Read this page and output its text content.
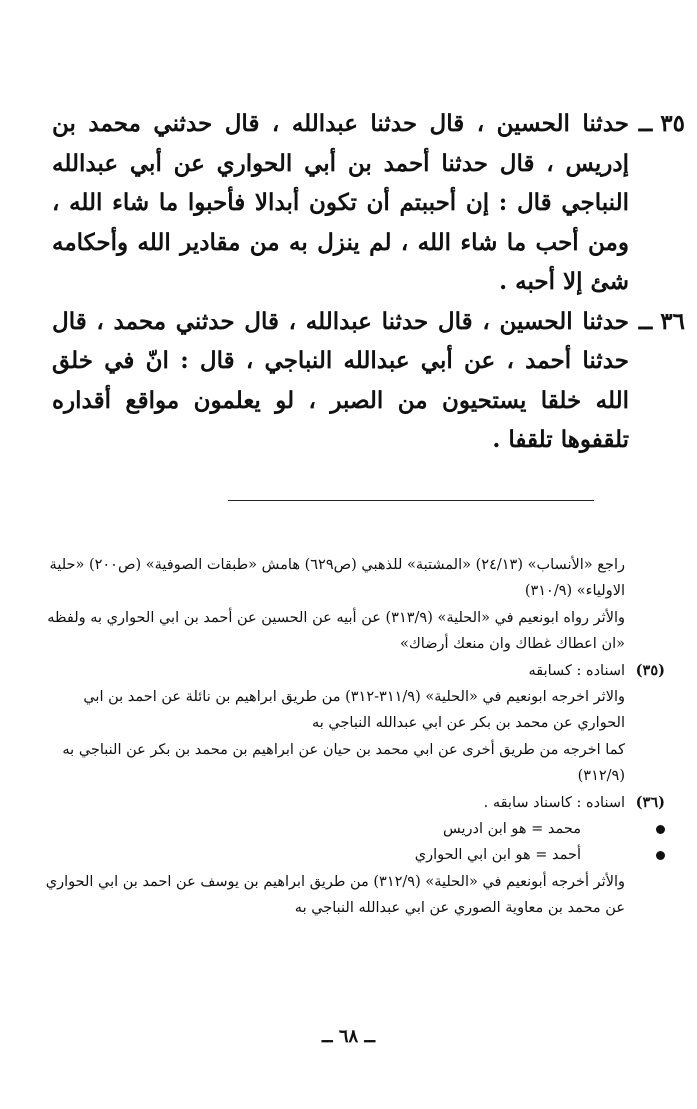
٣٥ ــ
حدثنا الحسين ، قال حدثنا عبدالله ، قال حدثني محمد بن إدريس ، قال حدثنا أحمد بن أبي الحواري عن أبي عبدالله النباجي قال : إن أحببتم أن تكون أبدالا فأحبوا ما شاء الله ، ومن أحب ما شاء الله ، لم ينزل به من مقادير الله وأحكامه شئ إلا أحبه .
٣٦ ــ
حدثنا الحسين ، قال حدثنا عبدالله ، قال حدثني محمد ، قال حدثنا أحمد ، عن أبي عبدالله النباجي ، قال : انّ في خلق الله خلقا يستحيون من الصبر ، لو يعلمون مواقع أقداره تلقفوها تلقفا .
راجع «الأنساب» (٢٤/١٣) «المشتبة» للذهبي (ص٦٢٩) هامش «طبقات الصوفية» (ص٢٠٠) «حلية الاولياء» (٣١٠/٩)
والأثر رواه ابونعيم في «الحلية» (٣١٣/٩) عن أبيه عن الحسين عن أحمد بن ابي الحواري به ولفظه «ان اعطاك غطاك وان منعك أرضاك»
(٣٥)
اسناده : كسابقه
والاثر اخرجه ابونعيم في «الحلية» (٣١١/٩-٣١٢) من طريق ابراهيم بن نائلة عن احمد بن ابي الحواري عن محمد بن بكر عن ابي عبدالله النباجي به
كما اخرجه من طريق أخرى عن ابي محمد بن حيان عن ابراهيم بن محمد بن بكر عن النباجي به (٣١٢/٩)
(٣٦)
اسناده : كاسناد سابقه .
محمد = هو ابن ادريس
أحمد = هو ابن ابي الحواري
والأثر أخرجه أبونعيم في «الحلية» (٣١٢/٩) من طريق ابراهيم بن يوسف عن احمد بن ابي الحواري عن محمد بن معاوية الصوري عن ابي عبدالله النباجي به
ــ ٦٨ ــ
